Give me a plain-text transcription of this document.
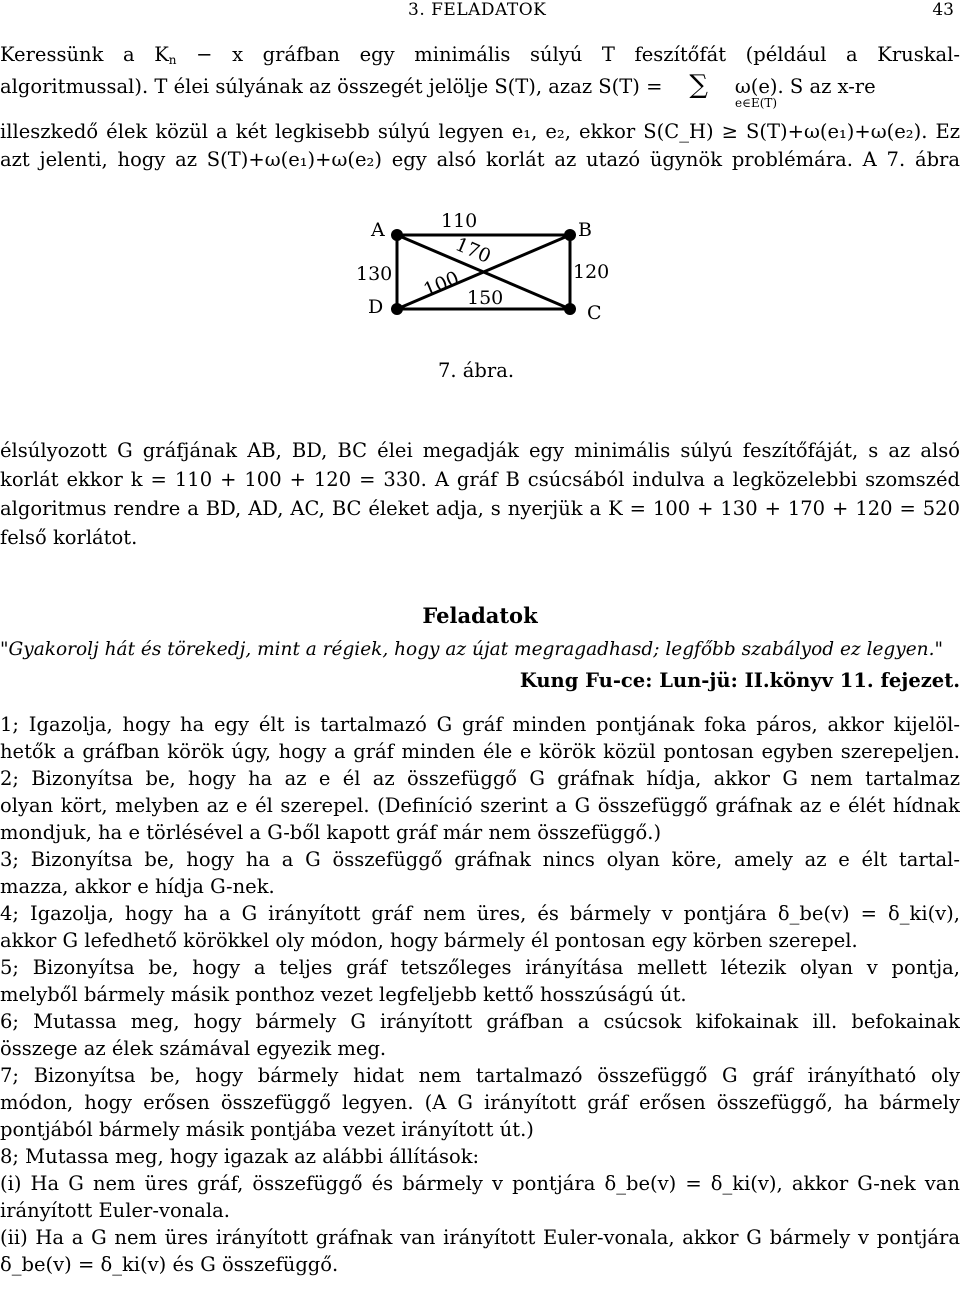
3. FELADATOK	43
Keressünk a $K_n - x$ gráfban egy minimális súlyú T feszítőfát (például a Kruskal-
algoritmussal). T élei súlyának az összegét jelölje S(T), azaz S(T) = ∑ ω(e). S az x-re
e∈E(T)
illeszkedő élek közül a két legkisebb súlyú legyen e₁, e₂, ekkor S(C_H) ≥ S(T)+ω(e₁)+ω(e₂). Ez
azt jelenti, hogy az S(T)+ω(e₁)+ω(e₂) egy alsó korlát az utazó ügynök problémára. A 7. ábra
A	B
C
D
110
130	120
150
170
100
7. ábra.
élsúlyozott G gráfjának AB, BD, BC élei megadják egy minimális súlyú feszítőfáját, s az alsó
korlát ekkor k = 110 + 100 + 120 = 330. A gráf B csúcsából indulva a legközelebbi szomszéd
algoritmus rendre a BD, AD, AC, BC éleket adja, s nyerjük a K = 100 + 130 + 170 + 120 = 520
felső korlátot.
Feladatok
"Gyakorolj hát és törekedj, mint a régiek, hogy az újat megragadhasd; legfőbb szabályod ez legyen."
Kung Fu-ce: Lun-jü: II.könyv 11. fejezet.
1; Igazolja, hogy ha egy élt is tartalmazó G gráf minden pontjának foka páros, akkor kijelöl-
hetők a gráfban körök úgy, hogy a gráf minden éle e körök közül pontosan egyben szerepeljen.
2; Bizonyítsa be, hogy ha az e él az összefüggő G gráfnak hídja, akkor G nem tartalmaz
olyan kört, melyben az e él szerepel. (Definíció szerint a G összefüggő gráfnak az e élét hídnak
mondjuk, ha e törlésével a G-ből kapott gráf már nem összefüggő.)
3; Bizonyítsa be, hogy ha a G összefüggő gráfnak nincs olyan köre, amely az e élt tartal-
mazza, akkor e hídja G-nek.
4; Igazolja, hogy ha a G irányított gráf nem üres, és bármely v pontjára δ_be(v) = δ_ki(v),
akkor G lefedhető körökkel oly módon, hogy bármely él pontosan egy körben szerepel.
5; Bizonyítsa be, hogy a teljes gráf tetszőleges irányítása mellett létezik olyan v pontja,
melyből bármely másik ponthoz vezet legfeljebb kettő hosszúságú út.
6; Mutassa meg, hogy bármely G irányított gráfban a csúcsok kifokainak ill. befokainak
összege az élek számával egyezik meg.
7; Bizonyítsa be, hogy bármely hidat nem tartalmazó összefüggő G gráf irányítható oly
módon, hogy erősen összefüggő legyen. (A G irányított gráf erősen összefüggő, ha bármely
pontjából bármely másik pontjába vezet irányított út.)
8; Mutassa meg, hogy igazak az alábbi állítások:
(i) Ha G nem üres gráf, összefüggő és bármely v pontjára δ_be(v) = δ_ki(v), akkor G-nek van
irányított Euler-vonala.
(ii) Ha a G nem üres irányított gráfnak van irányított Euler-vonala, akkor G bármely v pontjára
δ_be(v) = δ_ki(v) és G összefüggő.
